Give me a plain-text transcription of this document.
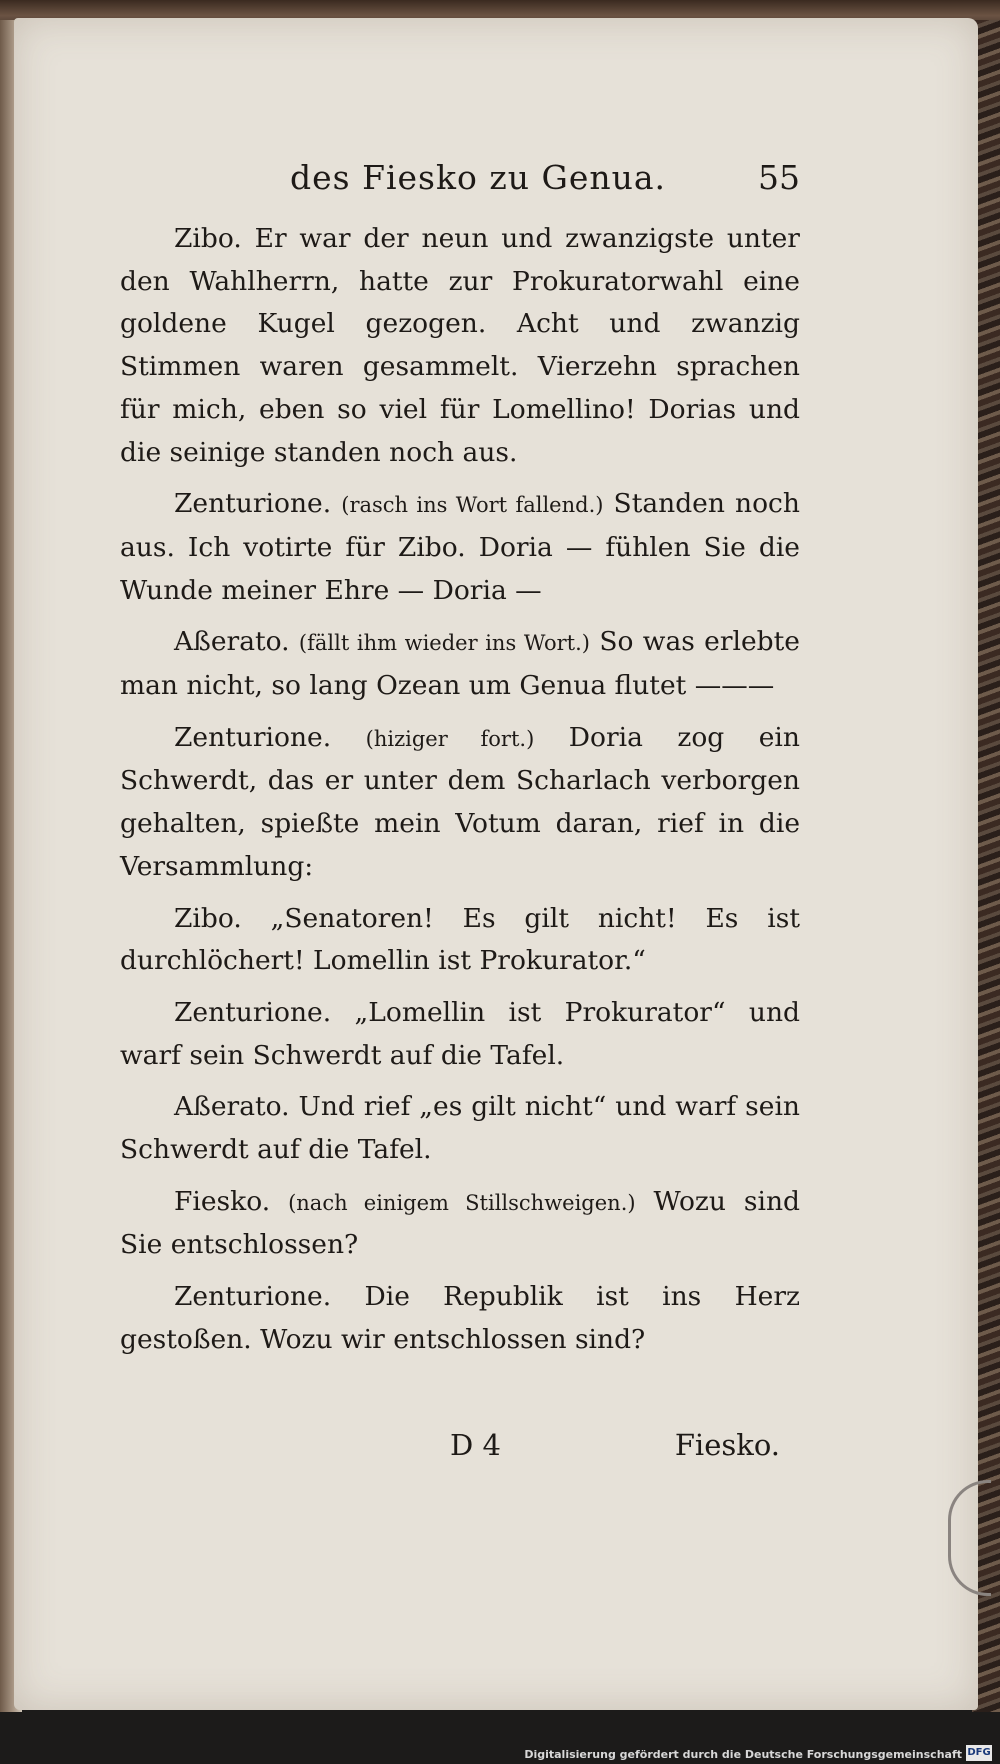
des Fiesko zu Genua.	55

Zibo. Er war der neun und zwanzigste unter den Wahlherrn, hatte zur Prokuratorwahl eine goldene Kugel gezogen. Acht und zwanzig Stimmen waren gesammelt. Vierzehn sprachen für mich, eben so viel für Lomellino! Dorias und die seinige standen noch aus.

Zenturione. (rasch ins Wort fallend.) Standen noch aus. Ich votirte für Zibo. Doria — fühlen Sie die Wunde meiner Ehre — Doria —

Aßerato. (fällt ihm wieder ins Wort.) So was erlebte man nicht, so lang Ozean um Genua flutet ———

Zenturione. (hiziger fort.) Doria zog ein Schwerdt, das er unter dem Scharlach verborgen gehalten, spießte mein Votum daran, rief in die Versammlung:

Zibo. „Senatoren! Es gilt nicht! Es ist durchlöchert! Lomellin ist Prokurator.“

Zenturione. „Lomellin ist Prokurator“ und warf sein Schwerdt auf die Tafel.

Aßerato. Und rief „es gilt nicht“ und warf sein Schwerdt auf die Tafel.

Fiesko. (nach einigem Stillschweigen.) Wozu sind Sie entschlossen?

Zenturione. Die Republik ist ins Herz gestoßen. Wozu wir entschlossen sind?

D 4	Fiesko.
Digitalisierung gefördert durch die Deutsche Forschungsgemeinschaft DFG
